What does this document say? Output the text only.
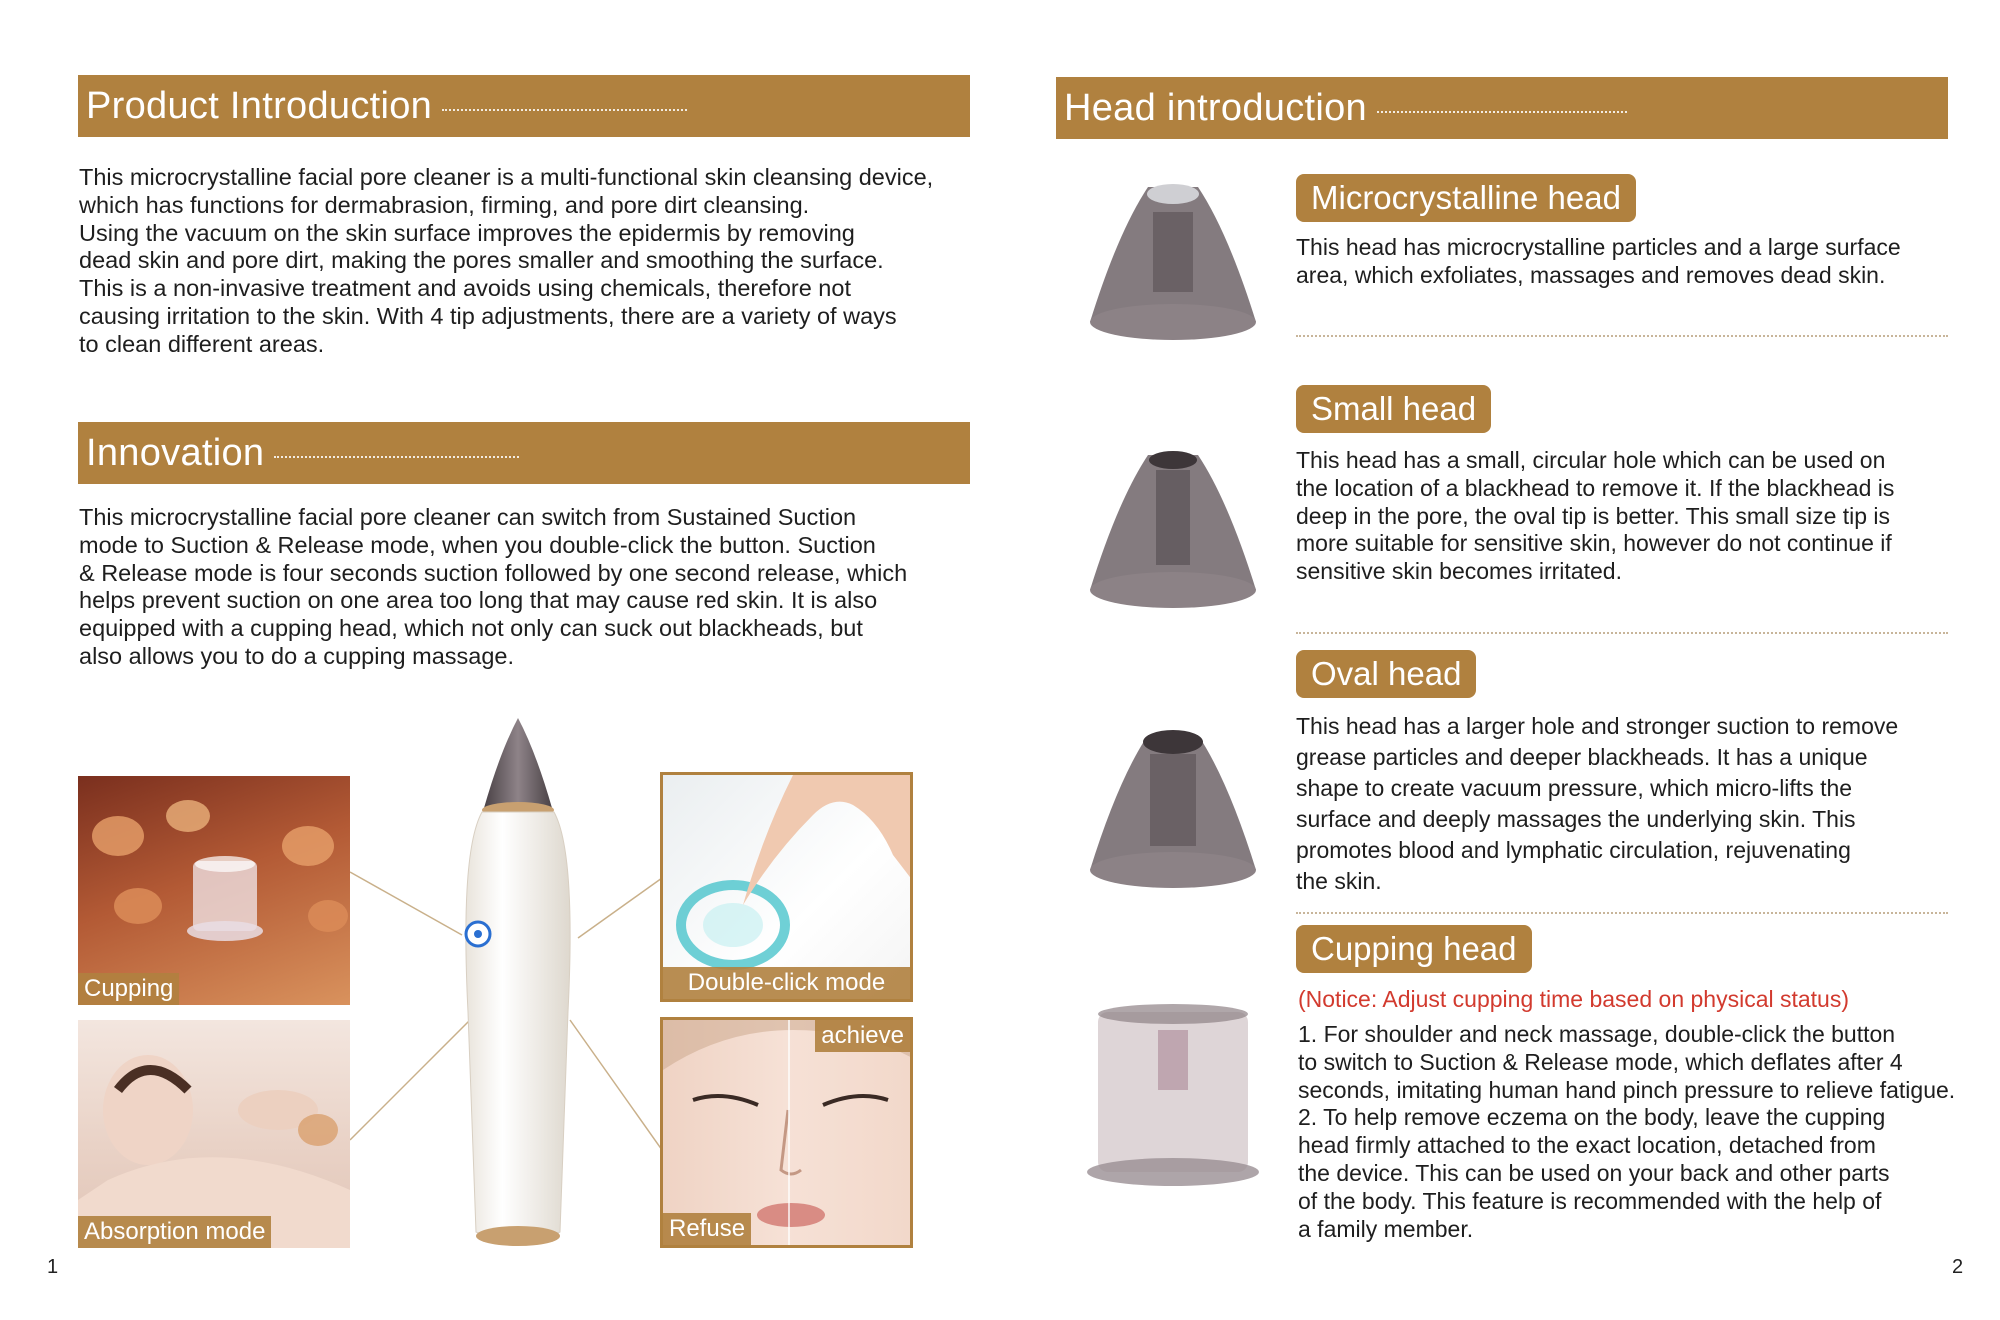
Product Introduction

This microcrystalline facial pore cleaner is a multi-functional skin cleansing device,

which has functions for dermabrasion, firming, and pore dirt cleansing.

Using the vacuum on the skin surface improves the epidermis by removing

dead skin and pore dirt, making the pores smaller and smoothing the surface.

This is a non-invasive treatment and avoids using chemicals, therefore not

causing irritation to the skin. With 4 tip adjustments, there are a variety of ways

to clean different areas.

Innovation

This microcrystalline facial pore cleaner can switch from Sustained Suction

mode to Suction & Release mode, when you double-click the button. Suction

& Release mode is four seconds suction followed by one second release, which

helps prevent suction on one area too long that may cause red skin. It is also

equipped with a cupping head, which not only can suck out blackheads, but

also allows you to do a cupping massage.

Cupping
Absorption mode
Double-click mode
achieve
Refuse
1
Head introduction
Microcrystalline head

This head has microcrystalline particles and a large surface

area, which exfoliates, massages and removes dead skin.

Small head

This head has a small, circular hole which can be used on

the location of a blackhead to remove it. If the blackhead is

deep in the pore, the oval tip is better. This small size tip is

more suitable for sensitive skin, however do not continue if

sensitive skin becomes irritated.

Oval head

This head has a larger hole and stronger suction to remove

grease particles and deeper blackheads. It has a unique

shape to create vacuum pressure, which micro-lifts the

surface and deeply massages the underlying skin. This

promotes blood and lymphatic circulation, rejuvenating

the skin.

Cupping head
(Notice: Adjust cupping time based on physical status)

1. For shoulder and neck massage, double-click the button

to switch to Suction & Release mode, which deflates after 4

seconds, imitating human hand pinch pressure to relieve fatigue.

2. To help remove eczema on the body, leave the cupping

head firmly attached to the exact location, detached from

the device. This can be used on your back and other parts

of the body. This feature is recommended with the help of

a family member.

2
